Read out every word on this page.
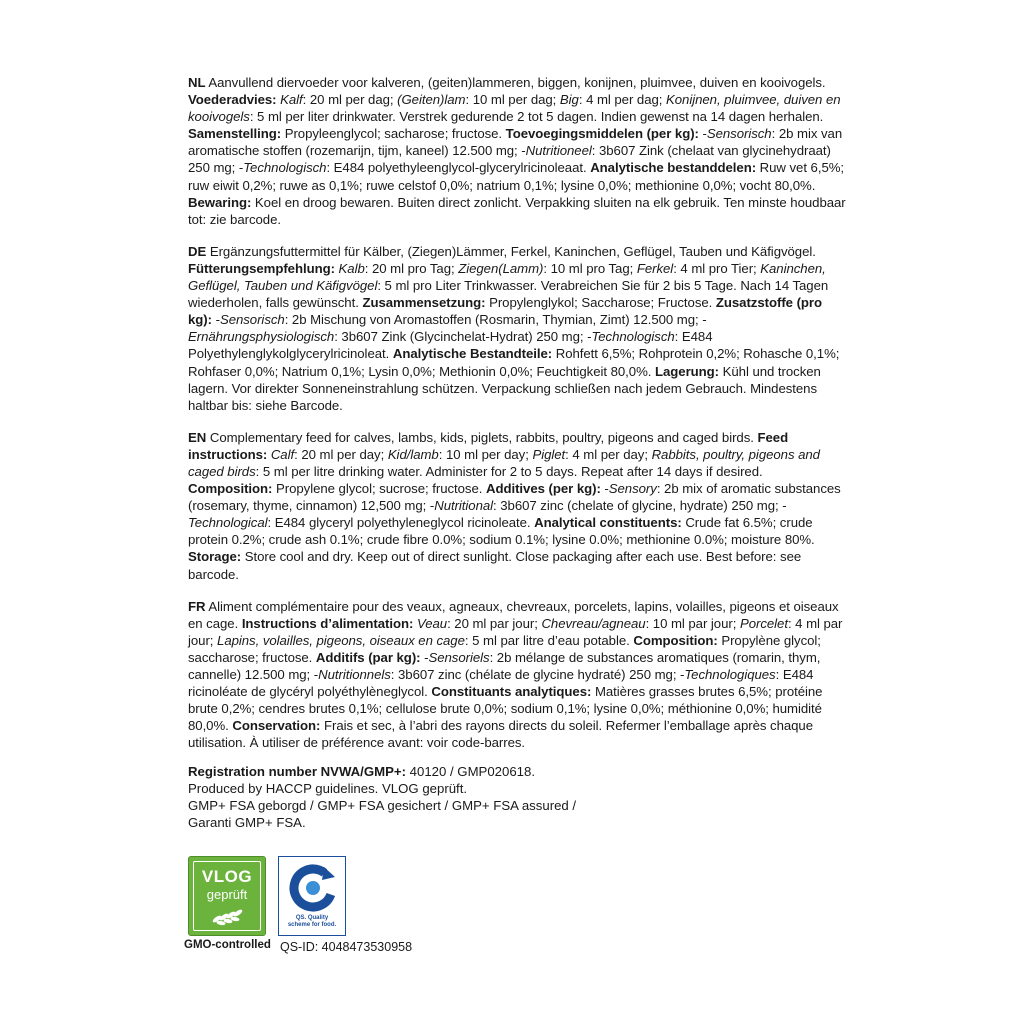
NL Aanvullend diervoeder voor kalveren, (geiten)lammeren, biggen, konijnen, pluimvee, duiven en kooivogels. Voederadvies: Kalf: 20 ml per dag; (Geiten)lam: 10 ml per dag; Big: 4 ml per dag; Konijnen, pluimvee, duiven en kooivogels: 5 ml per liter drinkwater. Verstrek gedurende 2 tot 5 dagen. Indien gewenst na 14 dagen herhalen. Samenstelling: Propyleenglycol; sacharose; fructose. Toevoegingsmiddelen (per kg): -Sensorisch: 2b mix van aromatische stoffen (rozemarijn, tijm, kaneel) 12.500 mg; -Nutritioneel: 3b607 Zink (chelaat van glycinehydraat) 250 mg; -Technologisch: E484 polyethyleenglycol-glycerylricinoleaat. Analytische bestanddelen: Ruw vet 6,5%; ruw eiwit 0,2%; ruwe as 0,1%; ruwe celstof 0,0%; natrium 0,1%; lysine 0,0%; methionine 0,0%; vocht 80,0%. Bewaring: Koel en droog bewaren. Buiten direct zonlicht. Verpakking sluiten na elk gebruik. Ten minste houdbaar tot: zie barcode.

DE Ergänzungsfuttermittel für Kälber, (Ziegen)Lämmer, Ferkel, Kaninchen, Geflügel, Tauben und Käfigvögel. Fütterungsempfehlung: Kalb: 20 ml pro Tag; Ziegen(Lamm): 10 ml pro Tag; Ferkel: 4 ml pro Tier; Kaninchen, Geflügel, Tauben und Käfigvögel: 5 ml pro Liter Trinkwasser. Verabreichen Sie für 2 bis 5 Tage. Nach 14 Tagen wiederholen, falls gewünscht. Zusammensetzung: Propylenglykol; Saccharose; Fructose. Zusatzstoffe (pro kg): -Sensorisch: 2b Mischung von Aromastoffen (Rosmarin, Thymian, Zimt) 12.500 mg; -Ernährungsphysiologisch: 3b607 Zink (Glycinchelat-Hydrat) 250 mg; -Technologisch: E484 Polyethylenglykolglycerylricinoleat. Analytische Bestandteile: Rohfett 6,5%; Rohprotein 0,2%; Rohasche 0,1%; Rohfaser 0,0%; Natrium 0,1%; Lysin 0,0%; Methionin 0,0%; Feuchtigkeit 80,0%. Lagerung: Kühl und trocken lagern. Vor direkter Sonneneinstrahlung schützen. Verpackung schließen nach jedem Gebrauch. Mindestens haltbar bis: siehe Barcode.

EN Complementary feed for calves, lambs, kids, piglets, rabbits, poultry, pigeons and caged birds. Feed instructions: Calf: 20 ml per day; Kid/lamb: 10 ml per day; Piglet: 4 ml per day; Rabbits, poultry, pigeons and caged birds: 5 ml per litre drinking water. Administer for 2 to 5 days. Repeat after 14 days if desired. Composition: Propylene glycol; sucrose; fructose. Additives (per kg): -Sensory: 2b mix of aromatic substances (rosemary, thyme, cinnamon) 12,500 mg; -Nutritional: 3b607 zinc (chelate of glycine, hydrate) 250 mg; -Technological: E484 glyceryl polyethyleneglycol ricinoleate. Analytical constituents: Crude fat 6.5%; crude protein 0.2%; crude ash 0.1%; crude fibre 0.0%; sodium 0.1%; lysine 0.0%; methionine 0.0%; moisture 80%. Storage: Store cool and dry. Keep out of direct sunlight. Close packaging after each use. Best before: see barcode.

FR Aliment complémentaire pour des veaux, agneaux, chevreaux, porcelets, lapins, volailles, pigeons et oiseaux en cage. Instructions d’alimentation: Veau: 20 ml par jour; Chevreau/agneau: 10 ml par jour; Porcelet: 4 ml par jour; Lapins, volailles, pigeons, oiseaux en cage: 5 ml par litre d’eau potable. Composition: Propylène glycol; saccharose; fructose. Additifs (par kg): -Sensoriels: 2b mélange de substances aromatiques (romarin, thym, cannelle) 12.500 mg; -Nutritionnels: 3b607 zinc (chélate de glycine hydraté) 250 mg; -Technologiques: E484 ricinoléate de glycéryl polyéthylèneglycol. Constituants analytiques: Matières grasses brutes 6,5%; protéine brute 0,2%; cendres brutes 0,1%; cellulose brute 0,0%; sodium 0,1%; lysine 0,0%; méthionine 0,0%; humidité 80,0%. Conservation: Frais et sec, à l’abri des rayons directs du soleil. Refermer l’emballage après chaque utilisation. À utiliser de préférence avant: voir code-barres.

Registration number NVWA/GMP+: 40120 / GMP020618.
Produced by HACCP guidelines. VLOG geprüft.
GMP+ FSA geborgd / GMP+ FSA gesichert / GMP+ FSA assured /
Garanti GMP+ FSA.
VLOG
geprüft
GMO-controlled
QS. Quality
scheme for food.
QS-ID: 4048473530958
